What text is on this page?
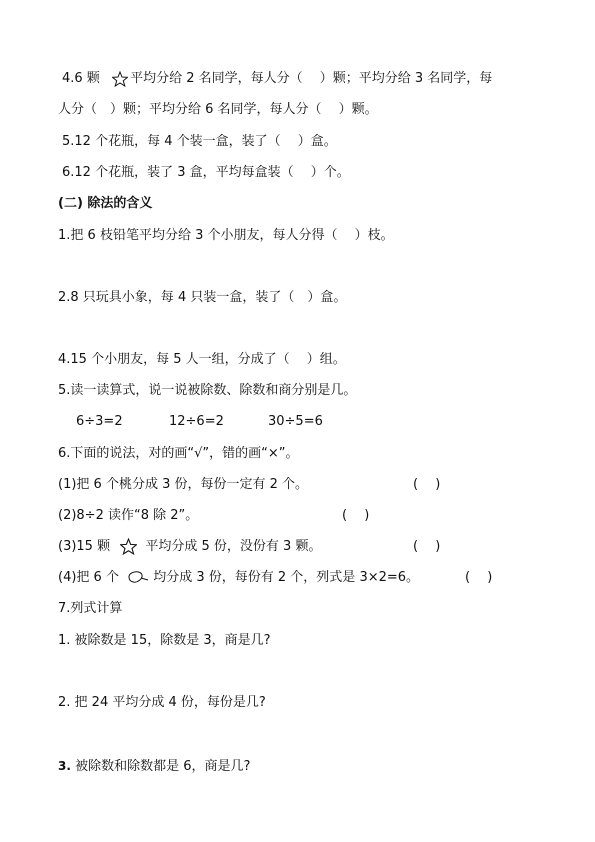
4.6 颗 平均分给 2 名同学，每人分（　 ）颗；平均分给 3 名同学，每
人分（　）颗；平均分给 6 名同学，每人分（　 ）颗。
5.12 个花瓶，每 4 个装一盒，装了（　 ）盒。
6.12 个花瓶，装了 3 盒，平均每盒装（　 ）个。
(二) 除法的含义
1.把 6 枝铅笔平均分给 3 个小朋友，每人分得（　 ）枝。
2.8 只玩具小象，每 4 只装一盒，装了（　）盒。
4.15 个小朋友，每 5 人一组，分成了（　 ）组。
5.读一读算式，说一说被除数、除数和商分别是几。
6÷3=2	12÷6=2	30÷5=6
6.下面的说法，对的画“√”，错的画“×”。
(1)把 6 个桃分成 3 份，每份一定有 2 个。	(　 )
(2)8÷2 读作“8 除 2”。	(　 )
(3)15 颗	平均分成 5 份，没份有 3 颗。	(　 )
(4)把 6 个	均分成 3 份，每份有 2 个，列式是 3×2=6。	(　 )
7.列式计算
1. 被除数是 15，除数是 3，商是几?
2. 把 24 平均分成 4 份，每份是几?
3. 被除数和除数都是 6，商是几?
